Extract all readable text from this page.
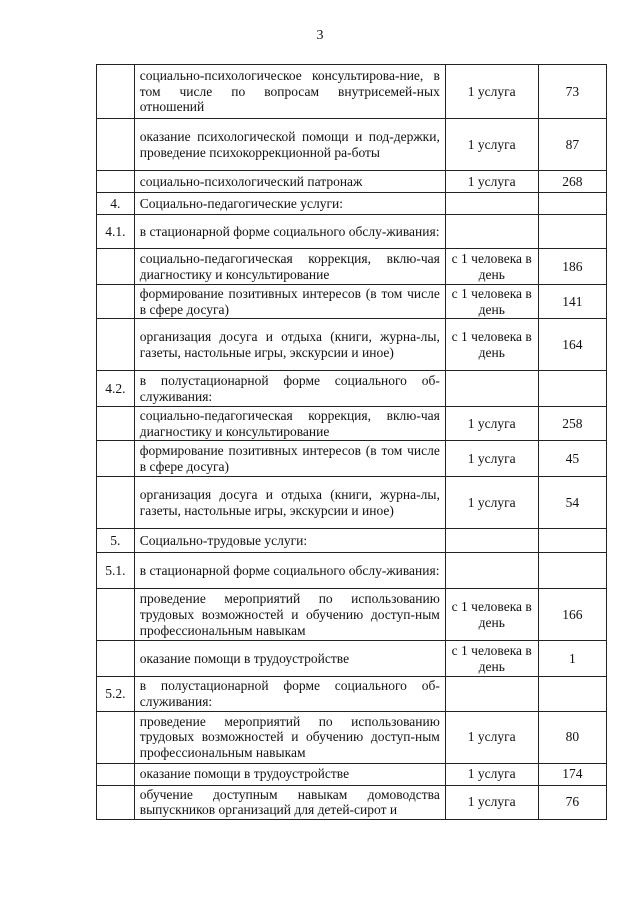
3
	социально-психологическое консультирова-ние, в том числе по вопросам внутрисемей-ных отношений	1 услуга	73
	оказание психологической помощи и под-держки, проведение психокоррекционной ра-боты	1 услуга	87
	социально-психологический патронаж	1 услуга	268
4.	Социально-педагогические услуги:		
4.1.	в стационарной форме социального обслу-живания:		
	социально-педагогическая коррекция, вклю-чая диагностику и консультирование	с 1 человека в день	186
	формирование позитивных интересов (в том числе в сфере досуга)	с 1 человека в день	141
	организация досуга и отдыха (книги, журна-лы, газеты, настольные игры, экскурсии и иное)	с 1 человека в день	164
4.2.	в полустационарной форме социального об-служивания:		
	социально-педагогическая коррекция, вклю-чая диагностику и консультирование	1 услуга	258
	формирование позитивных интересов (в том числе в сфере досуга)	1 услуга	45
	организация досуга и отдыха (книги, журна-лы, газеты, настольные игры, экскурсии и иное)	1 услуга	54
5.	Социально-трудовые услуги:		
5.1.	в стационарной форме социального обслу-живания:		
	проведение мероприятий по использованию трудовых возможностей и обучению доступ-ным профессиональным навыкам	с 1 человека в день	166
	оказание помощи в трудоустройстве	с 1 человека в день	1
5.2.	в полустационарной форме социального об-служивания:		
	проведение мероприятий по использованию трудовых возможностей и обучению доступ-ным профессиональным навыкам	1 услуга	80
	оказание помощи в трудоустройстве	1 услуга	174
	обучение доступным навыкам домоводства выпускников организаций для детей-сирот и	1 услуга	76
